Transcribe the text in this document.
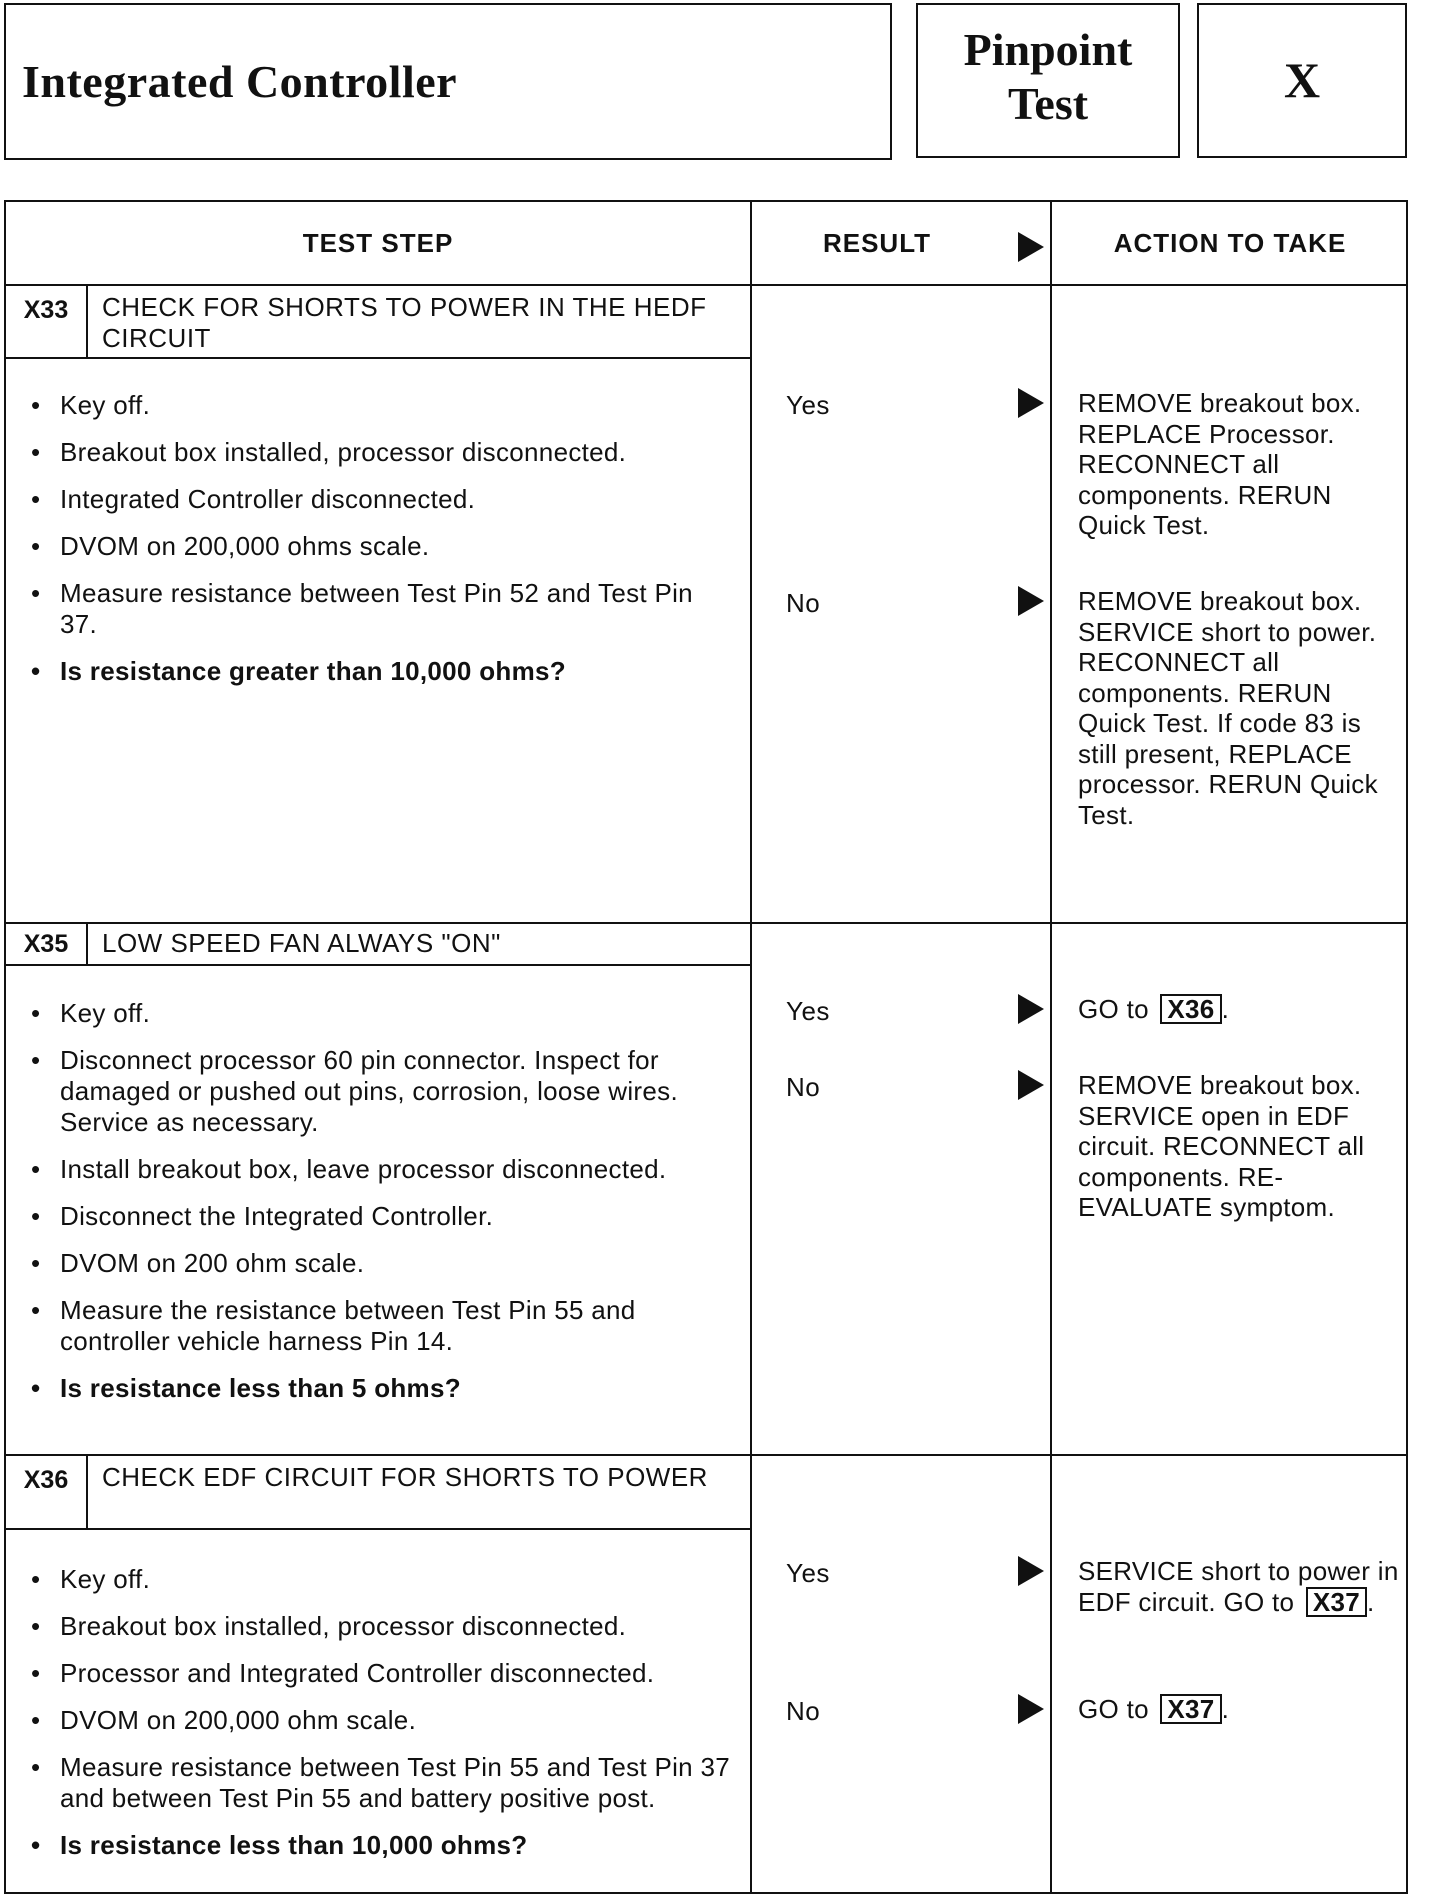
Integrated Controller
Pinpoint
Test	X
TEST STEP	RESULT	ACTION TO TAKE
X33	CHECK FOR SHORTS TO POWER IN THE HEDF CIRCUIT
• Key off.
• Breakout box installed, processor disconnected.
• Integrated Controller disconnected.
• DVOM on 200,000 ohms scale.
• Measure resistance between Test Pin 52 and Test Pin 37.
• Is resistance greater than 10,000 ohms?
Yes	REMOVE breakout box. REPLACE Processor. RECONNECT all components. RERUN Quick Test.
No	REMOVE breakout box. SERVICE short to power. RECONNECT all components. RERUN Quick Test. If code 83 is still present, REPLACE processor. RERUN Quick Test.
X35	LOW SPEED FAN ALWAYS "ON"
• Key off.
• Disconnect processor 60 pin connector. Inspect for damaged or pushed out pins, corrosion, loose wires. Service as necessary.
• Install breakout box, leave processor disconnected.
• Disconnect the Integrated Controller.
• DVOM on 200 ohm scale.
• Measure the resistance between Test Pin 55 and controller vehicle harness Pin 14.
• Is resistance less than 5 ohms?
Yes	GO to X36 .
No	REMOVE breakout box. SERVICE open in EDF circuit. RECONNECT all components. RE-EVALUATE symptom.
X36	CHECK EDF CIRCUIT FOR SHORTS TO POWER
• Key off.
• Breakout box installed, processor disconnected.
• Processor and Integrated Controller disconnected.
• DVOM on 200,000 ohm scale.
• Measure resistance between Test Pin 55 and Test Pin 37 and between Test Pin 55 and battery positive post.
• Is resistance less than 10,000 ohms?
Yes	SERVICE short to power in EDF circuit. GO to X37 .
No	GO to X37 .
